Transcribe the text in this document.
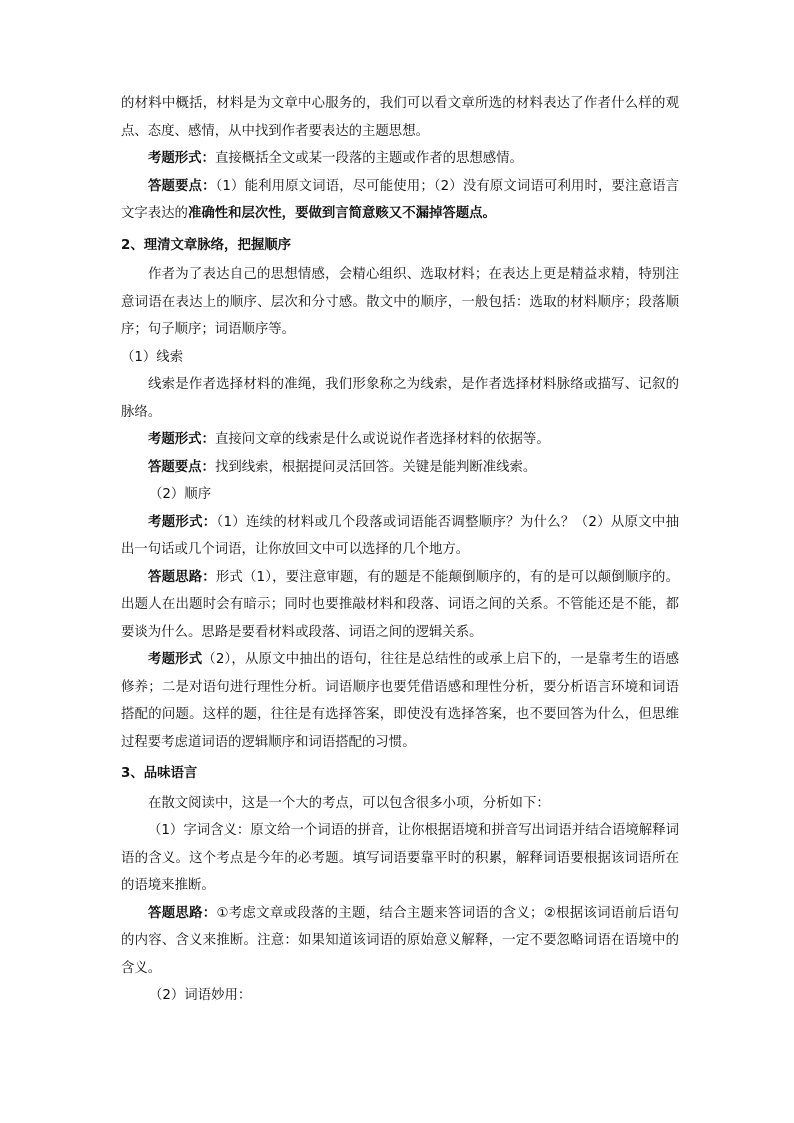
的材料中概括，材料是为文章中心服务的，我们可以看文章所选的材料表达了作者什么样的观点、态度、感情，从中找到作者要表达的主题思想。

考题形式：直接概括全文或某一段落的主题或作者的思想感情。

答题要点：（1）能利用原文词语，尽可能使用；（2）没有原文词语可利用时，要注意语言文字表达的准确性和层次性，要做到言简意赅又不漏掉答题点。

2、理清文章脉络，把握顺序

作者为了表达自己的思想情感，会精心组织、选取材料；在表达上更是精益求精，特别注意词语在表达上的顺序、层次和分寸感。散文中的顺序，一般包括：选取的材料顺序；段落顺序；句子顺序；词语顺序等。

（1）线索

线索是作者选择材料的准绳，我们形象称之为线索，是作者选择材料脉络或描写、记叙的脉络。

考题形式：直接问文章的线索是什么或说说作者选择材料的依据等。

答题要点：找到线索，根据提问灵活回答。关键是能判断准线索。

（2）顺序

考题形式：（1）连续的材料或几个段落或词语能否调整顺序？为什么？（2）从原文中抽出一句话或几个词语，让你放回文中可以选择的几个地方。

答题思路：形式（1），要注意审题，有的题是不能颠倒顺序的，有的是可以颠倒顺序的。出题人在出题时会有暗示；同时也要推敲材料和段落、词语之间的关系。不管能还是不能，都要谈为什么。思路是要看材料或段落、词语之间的逻辑关系。

考题形式（2），从原文中抽出的语句，往往是总结性的或承上启下的，一是靠考生的语感修养；二是对语句进行理性分析。词语顺序也要凭借语感和理性分析，要分析语言环境和词语搭配的问题。这样的题，往往是有选择答案，即使没有选择答案，也不要回答为什么，但思维过程要考虑道词语的逻辑顺序和词语搭配的习惯。

3、品味语言

在散文阅读中，这是一个大的考点，可以包含很多小项，分析如下：

（1）字词含义：原文给一个词语的拼音，让你根据语境和拼音写出词语并结合语境解释词语的含义。这个考点是今年的必考题。填写词语要靠平时的积累，解释词语要根据该词语所在的语境来推断。

答题思路：①考虑文章或段落的主题，结合主题来答词语的含义；②根据该词语前后语句的内容、含义来推断。注意：如果知道该词语的原始意义解释，一定不要忽略词语在语境中的含义。

（2）词语妙用：
